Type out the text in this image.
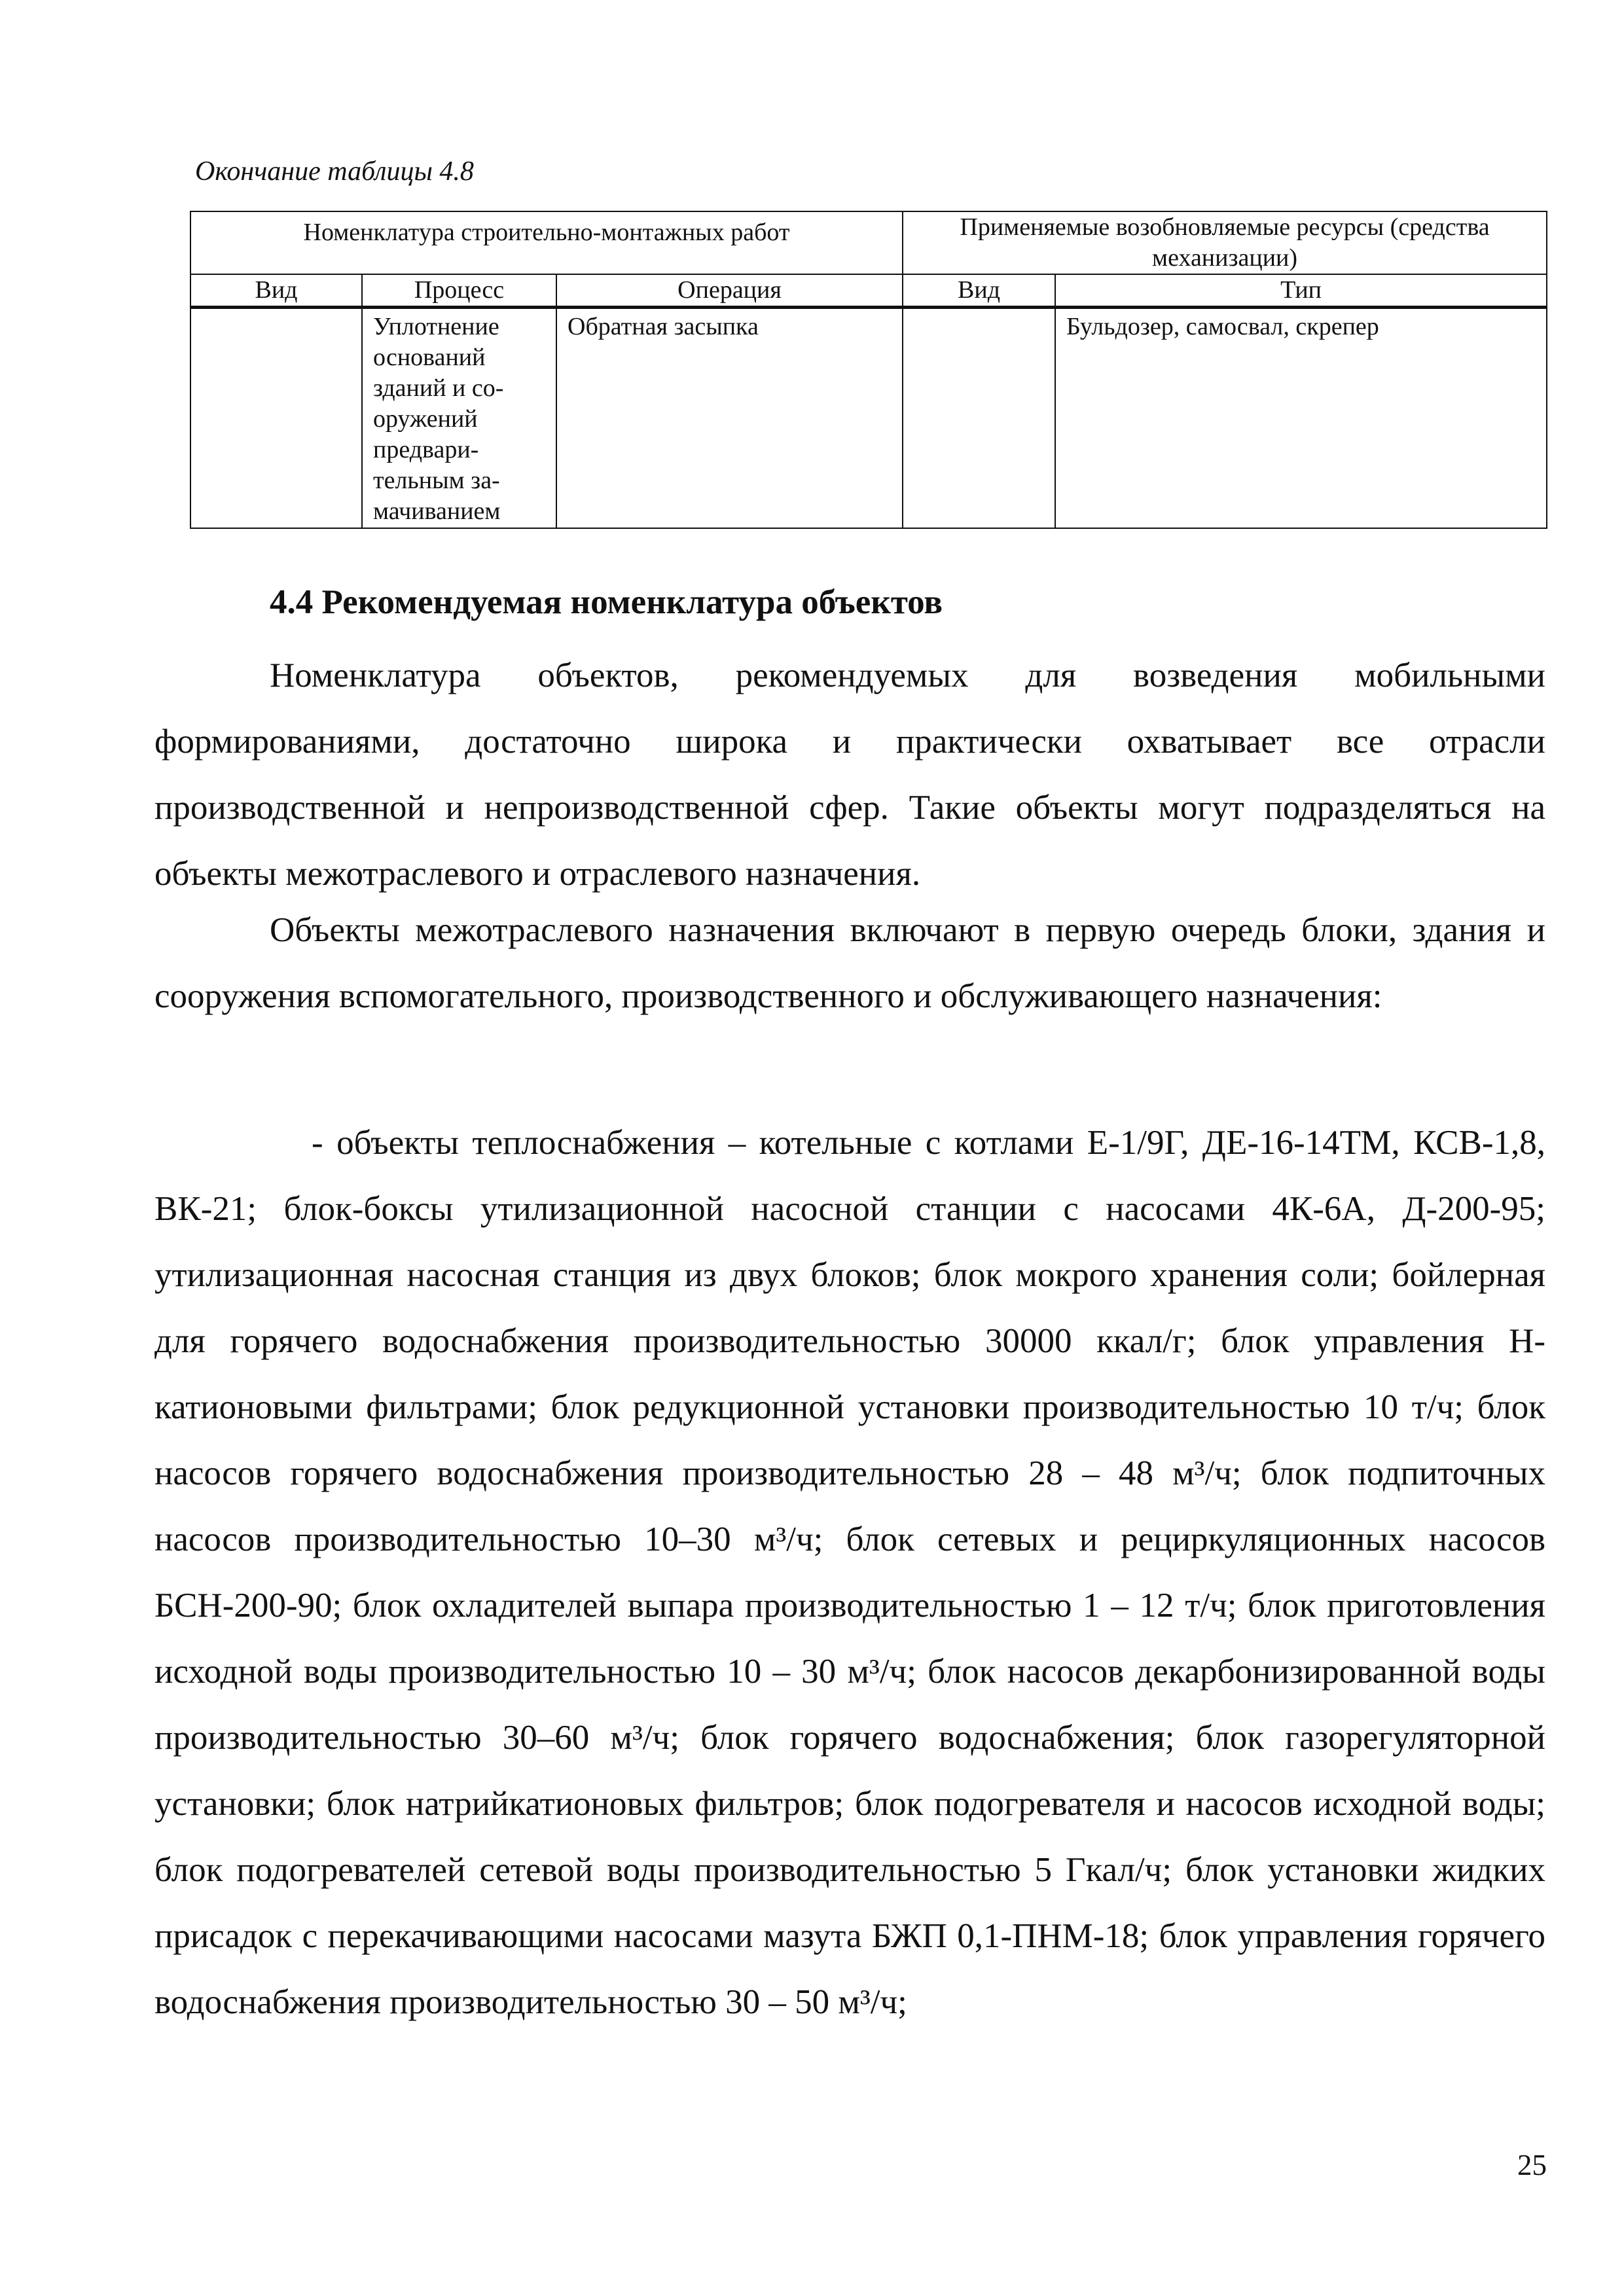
Окончание таблицы 4.8
Номенклатура строительно-монтажных работ			Применяемые возобновляемые ресурсы (средства механизации)	
Вид	Процесс	Операция	Вид	Тип
	Уплотнение оснований зданий и со-оружений предвари-тельным за-мачиванием	Обратная засыпка		Бульдозер, самосвал, скрепер
4.4 Рекомендуемая номенклатура объектов

Номенклатура объектов, рекомендуемых для возведения мобильными формированиями, достаточно широка и практически охватывает все отрасли производственной и непроизводственной сфер. Такие объекты могут подразделяться на объекты межотраслевого и отраслевого назначения.

Объекты межотраслевого назначения включают в первую очередь блоки, здания и сооружения вспомогательного, производственного и обслуживающего назначения:

- объекты теплоснабжения – котельные с котлами Е-1/9Г, ДЕ-16-14ТМ, КСВ-1,8, ВК-21; блок-боксы утилизационной насосной станции с насосами 4К-6А, Д-200-95; утилизационная насосная станция из двух блоков; блок мокрого хранения соли; бойлерная для горячего водоснабжения производительностью 30000 ккал/г; блок управления Н-катионовыми фильтрами; блок редукционной установки производительностью 10 т/ч; блок насосов горячего водоснабжения производительностью 28 – 48 м³/ч; блок подпиточных насосов производительностью 10–30 м³/ч; блок сетевых и рециркуляционных насосов БСН-200-90; блок охладителей выпара производительностью 1 – 12 т/ч; блок приготовления исходной воды производительностью 10 – 30 м³/ч; блок насосов декарбонизированной воды производительностью 30–60 м³/ч; блок горячего водоснабжения; блок газорегуляторной установки; блок натрийкатионовых фильтров; блок подогревателя и насосов исходной воды; блок подогревателей сетевой воды производительностью 5 Гкал/ч; блок установки жидких присадок с перекачивающими насосами мазута БЖП 0,1-ПНМ-18; блок управления горячего водоснабжения производительностью 30 – 50 м³/ч;

25
